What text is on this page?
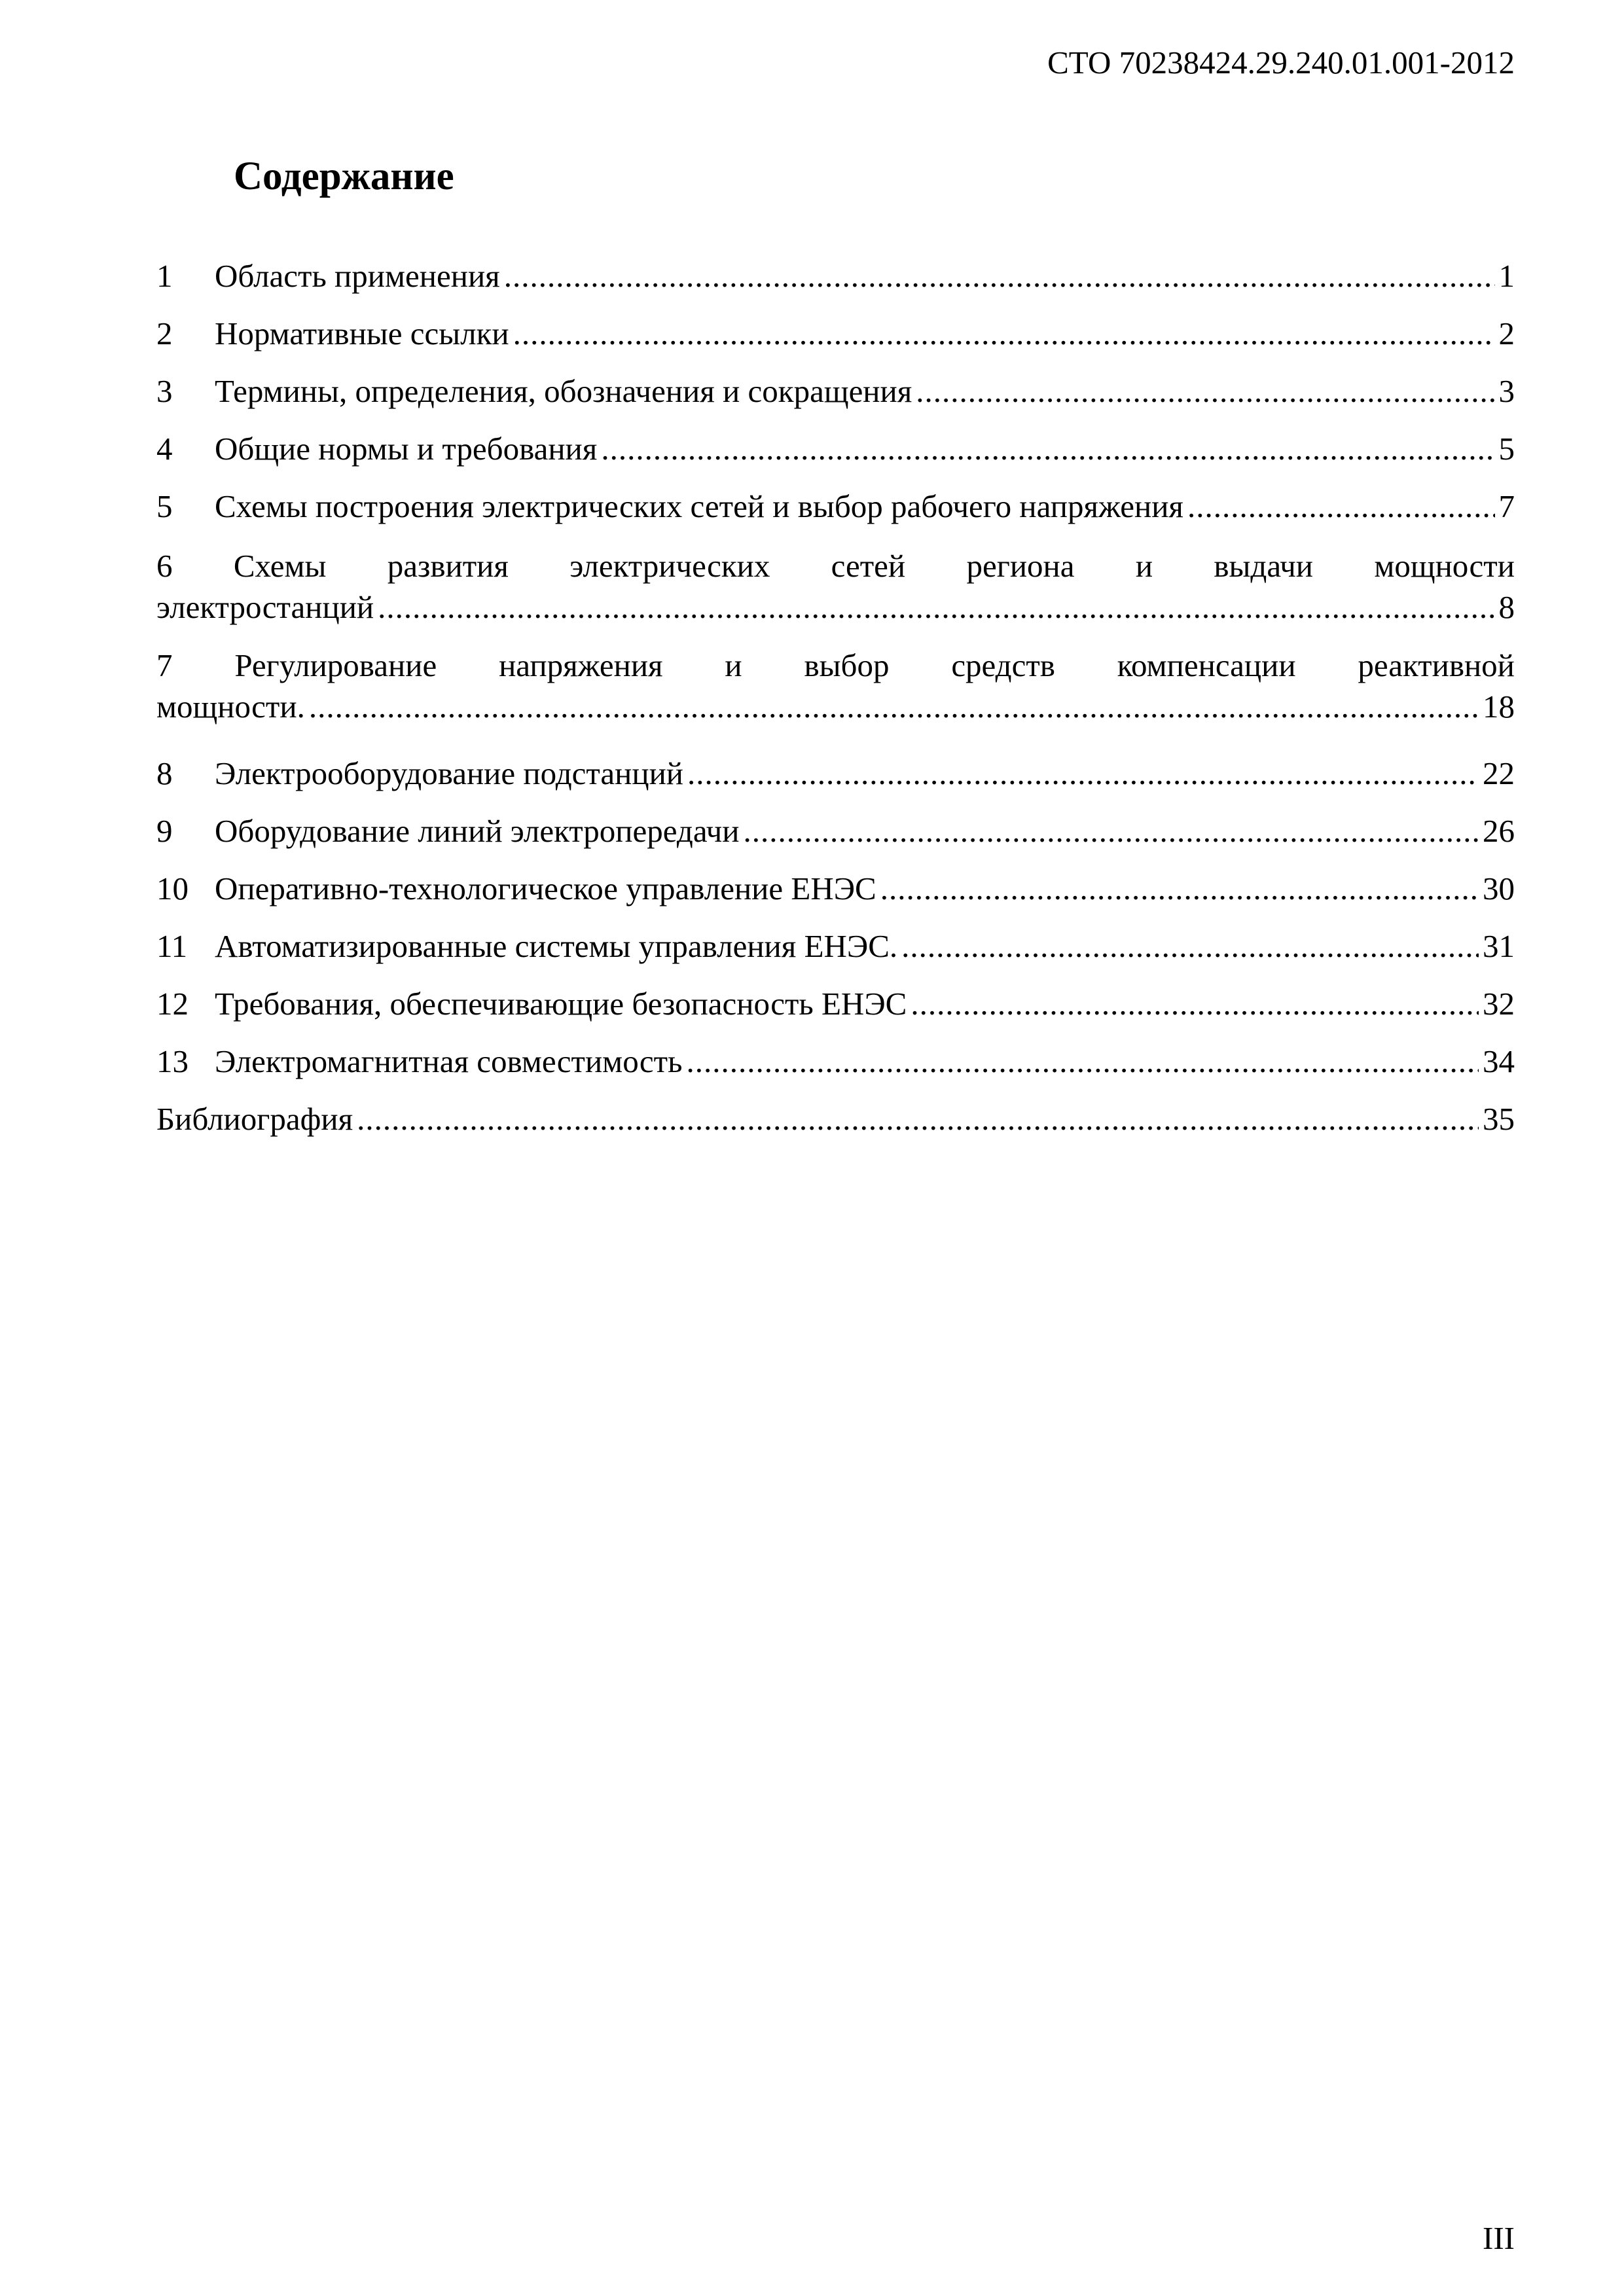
СТО 70238424.29.240.01.001-2012
Содержание
1	Область применения .....	1
2	Нормативные ссылки .....	2
3	Термины, определения, обозначения и сокращения .....	3
4	Общие нормы и требования .....	5
5	Схемы построения электрических сетей и выбор рабочего напряжения .....	7
6 Схемы развития электрических сетей региона и выдачи мощности
электростанций .....	8
7 Регулирование напряжения и выбор средств компенсации реактивной
мощности. .....	18
8	Электрооборудование подстанций .....	22
9	Оборудование линий электропередачи .....	26
10 Оперативно-технологическое управление ЕНЭС .....	30
11 Автоматизированные системы управления ЕНЭС. .....	31
12 Требования, обеспечивающие безопасность ЕНЭС .....	32
13 Электромагнитная совместимость .....	34
Библиография .....	35
III
